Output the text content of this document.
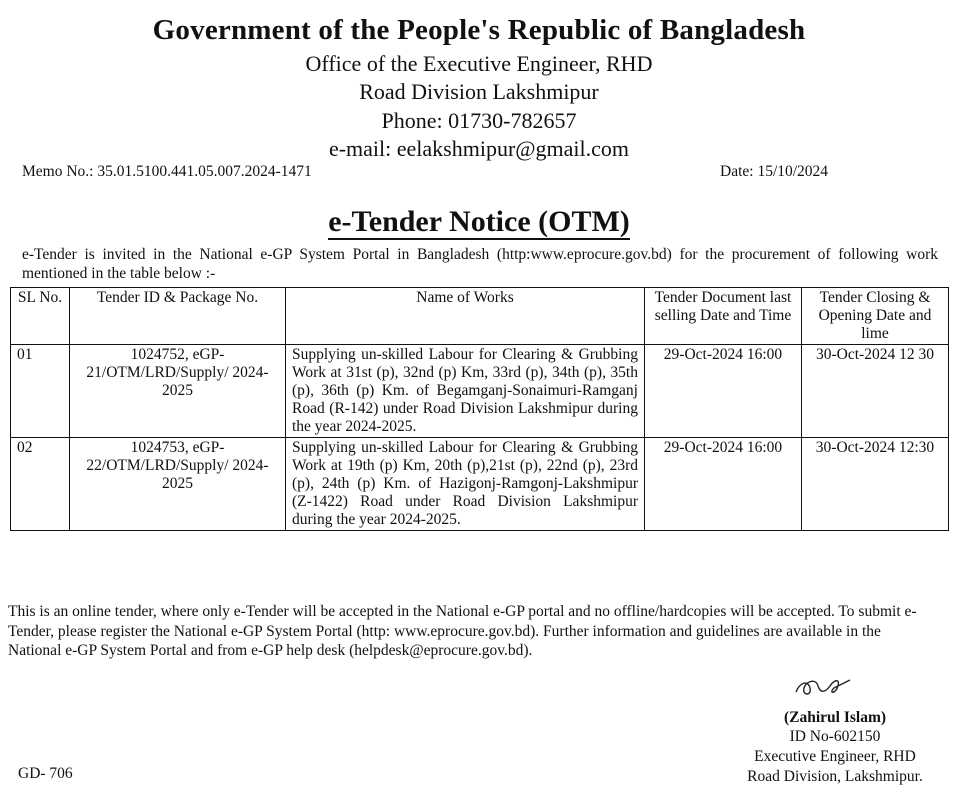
Government of the People's Republic of Bangladesh
Office of the Executive Engineer, RHD
Road Division Lakshmipur
Phone: 01730-782657
e-mail: eelakshmipur@gmail.com
Memo No.: 35.01.5100.441.05.007.2024-1471	Date: 15/10/2024
e-Tender Notice (OTM)
e-Tender is invited in the National e-GP System Portal in Bangladesh (http:www.eprocure.gov.bd) for the procurement of following work mentioned in the table below :-
SL No.	Tender ID & Package No.	Name of Works	Tender Document last selling Date and Time	Tender Closing & Opening Date and lime
01	1024752, eGP-21/OTM/LRD/Supply/ 2024-2025	Supplying un-skilled Labour for Clearing & Grubbing Work at 31st (p), 32nd (p) Km, 33rd (p), 34th (p), 35th (p), 36th (p) Km. of Begamganj-Sonaimuri-Ramganj Road (R-142) under Road Division Lakshmipur during the year 2024-2025.	29-Oct-2024 16:00	30-Oct-2024 12 30
02	1024753, eGP-22/OTM/LRD/Supply/ 2024-2025	Supplying un-skilled Labour for Clearing & Grubbing Work at 19th (p) Km, 20th (p),21st (p), 22nd (p), 23rd (p), 24th (p) Km. of Hazigonj-Ramgonj-Lakshmipur (Z-1422) Road under Road Division Lakshmipur during the year 2024-2025.	29-Oct-2024 16:00	30-Oct-2024 12:30
This is an online tender, where only e-Tender will be accepted in the National e-GP portal and no offline/hardcopies will be accepted. To submit e-Tender, please register the National e-GP System Portal (http: www.eprocure.gov.bd). Further information and guidelines are available in the National e-GP System Portal and from e-GP help desk (helpdesk@eprocure.gov.bd).
(Zahirul Islam)
ID No-602150
Executive Engineer, RHD
Road Division, Lakshmipur.
GD- 706
